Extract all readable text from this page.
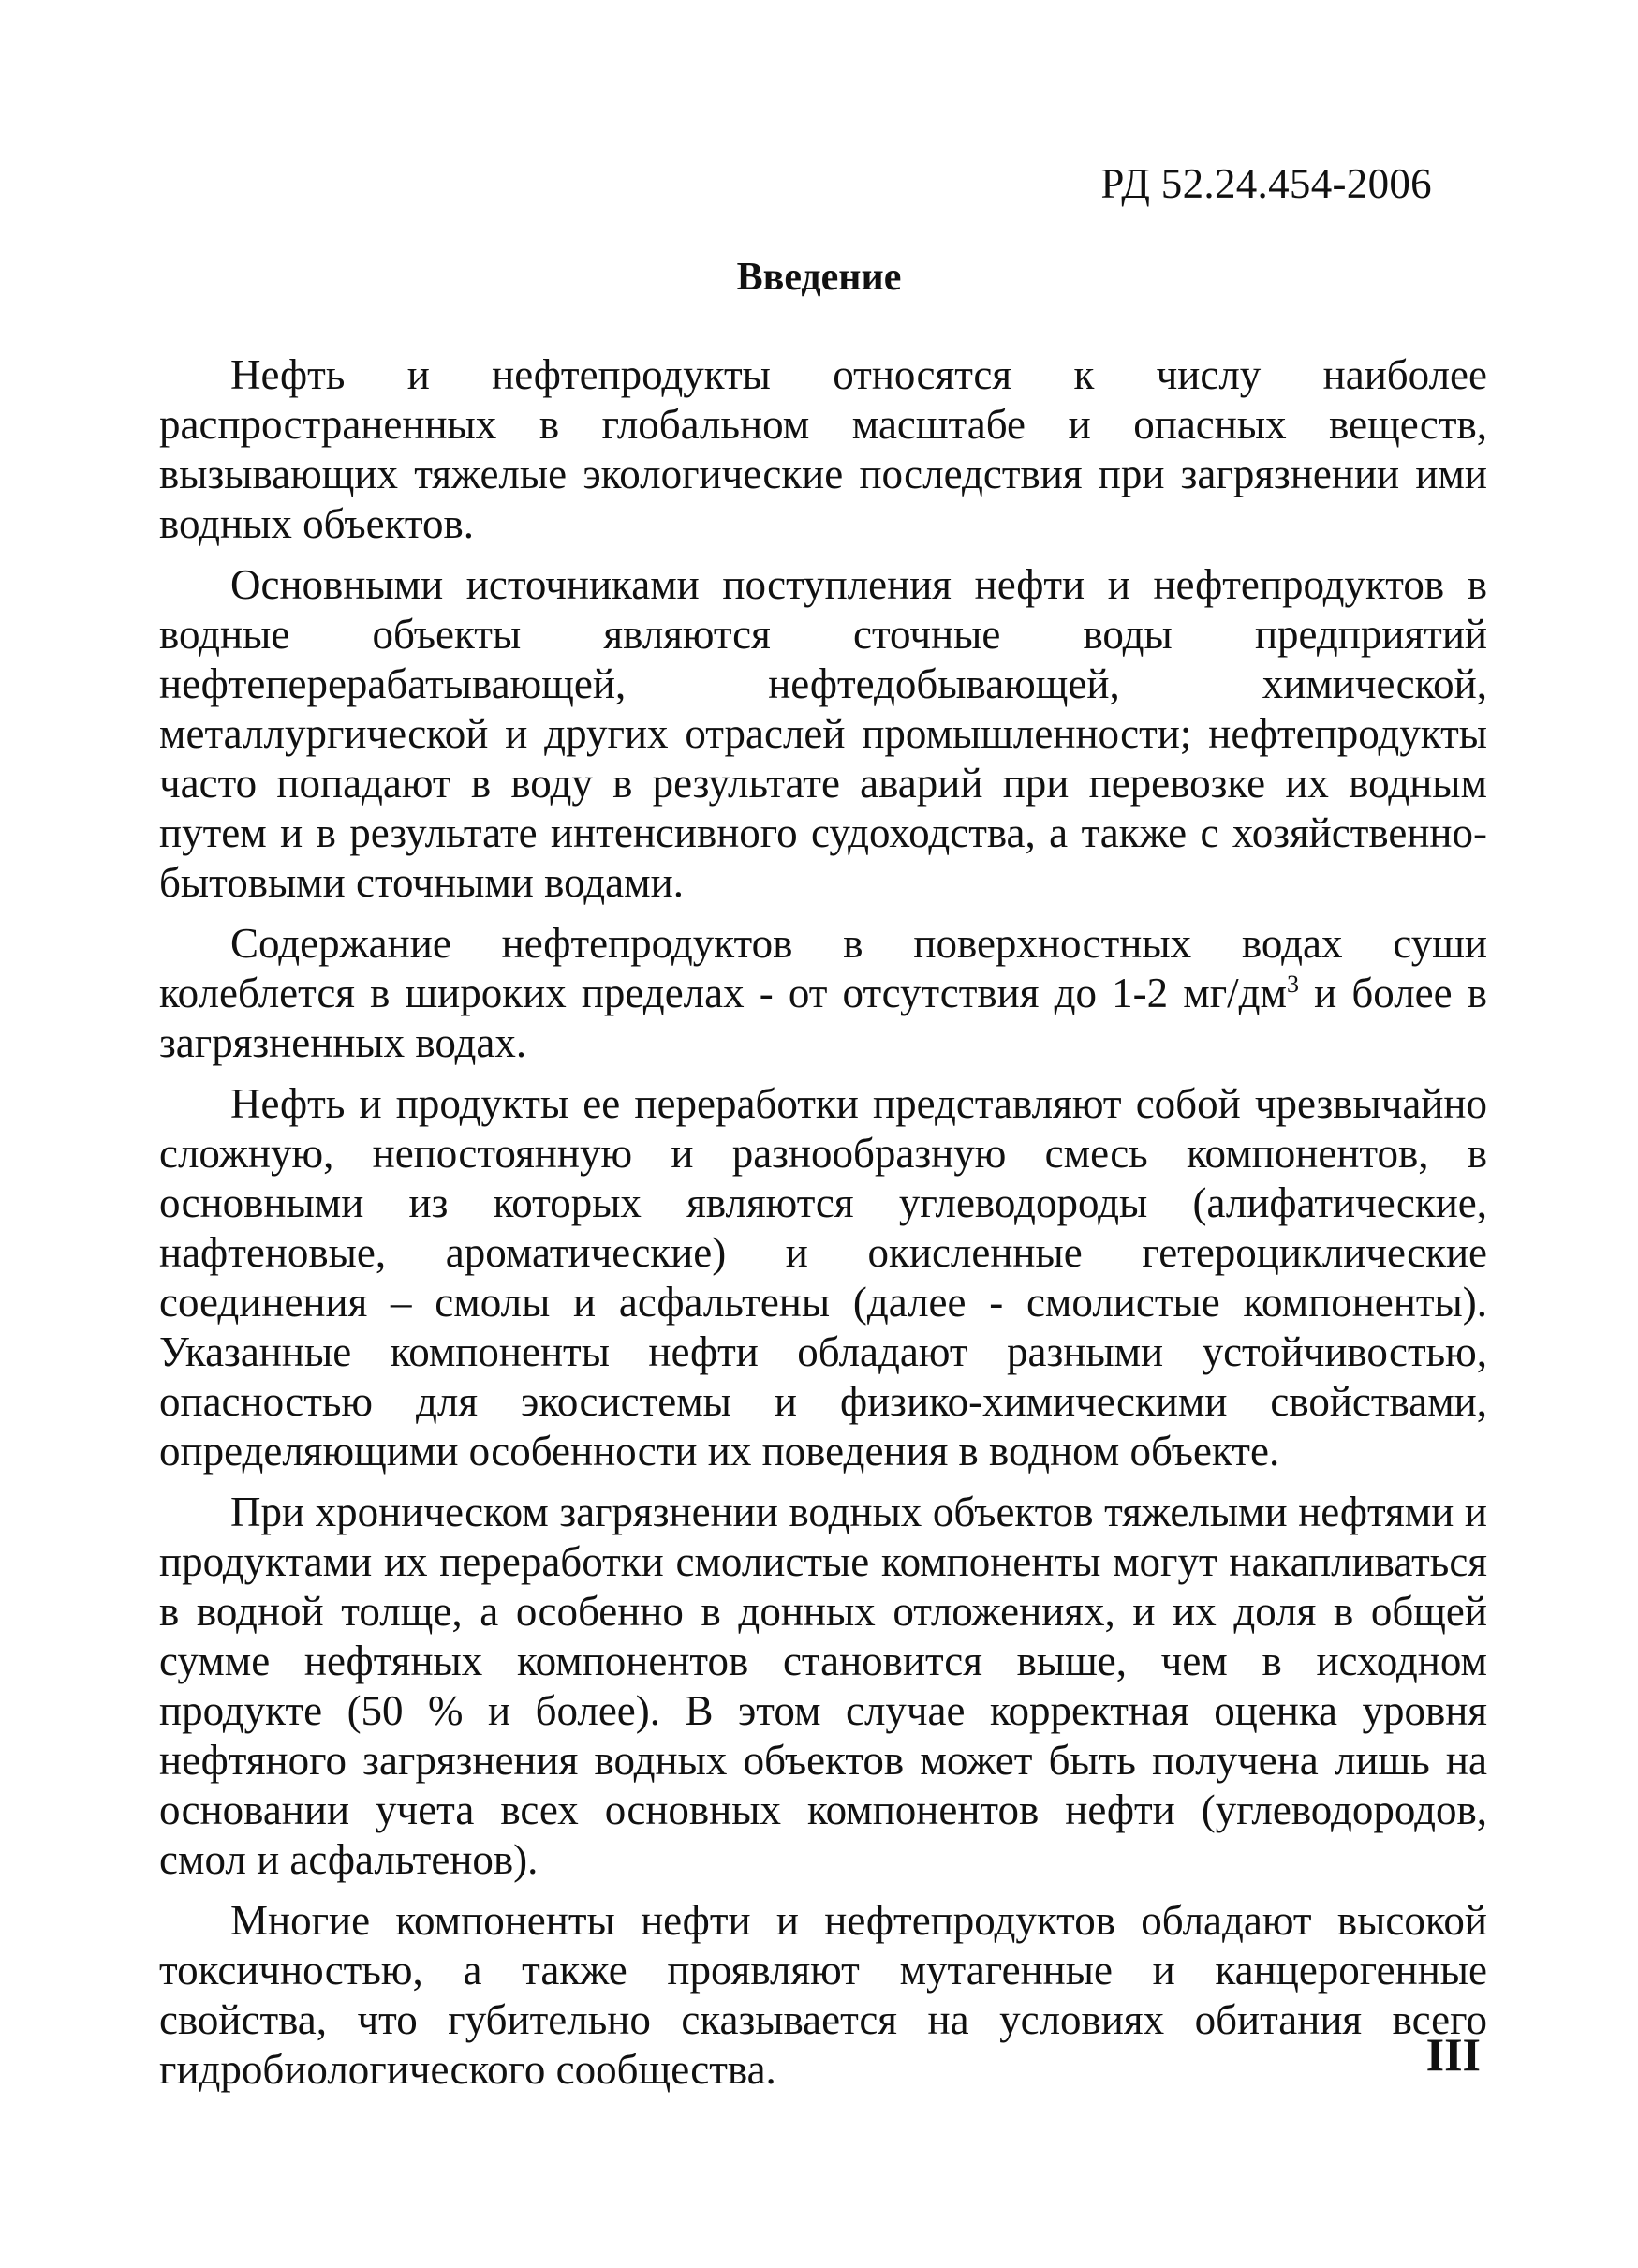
РД 52.24.454-2006
Введение

Нефть и нефтепродукты относятся к числу наиболее распространенных в глобальном масштабе и опасных веществ, вызывающих тяжелые экологические последствия при загрязнении ими водных объектов.

Основными источниками поступления нефти и нефтепродуктов в водные объекты являются сточные воды предприятий нефтеперерабатывающей, нефтедобывающей, химической, металлургической и других отраслей промышленности; нефтепродукты часто попадают в воду в результате аварий при перевозке их водным путем и в результате интенсивного судоходства, а также с хозяйственно-бытовыми сточными водами.

Содержание нефтепродуктов в поверхностных водах суши колеблется в широких пределах - от отсутствия до 1-2 $мг/дм^3$ и более в загрязненных водах.

Нефть и продукты ее переработки представляют собой чрезвычайно сложную, непостоянную и разнообразную смесь компонентов, в основными из которых являются углеводороды (алифатические, нафтеновые, ароматические) и окисленные гетероциклические соединения – смолы и асфальтены (далее - смолистые компоненты). Указанные компоненты нефти обладают разными устойчивостью, опасностью для экосистемы и физико-химическими свойствами, определяющими особенности их поведения в водном объекте.

При хроническом загрязнении водных объектов тяжелыми нефтями и продуктами их переработки смолистые компоненты могут накапливаться в водной толще, а особенно в донных отложениях, и их доля в общей сумме нефтяных компонентов становится выше, чем в исходном продукте (50 % и более). В этом случае корректная оценка уровня нефтяного загрязнения водных объектов может быть получена лишь на основании учета всех основных компонентов нефти (углеводородов, смол и асфальтенов).

Многие компоненты нефти и нефтепродуктов обладают высокой токсичностью, а также проявляют мутагенные и канцерогенные свойства, что губительно сказывается на условиях обитания всего гидробиологического сообщества.	III
